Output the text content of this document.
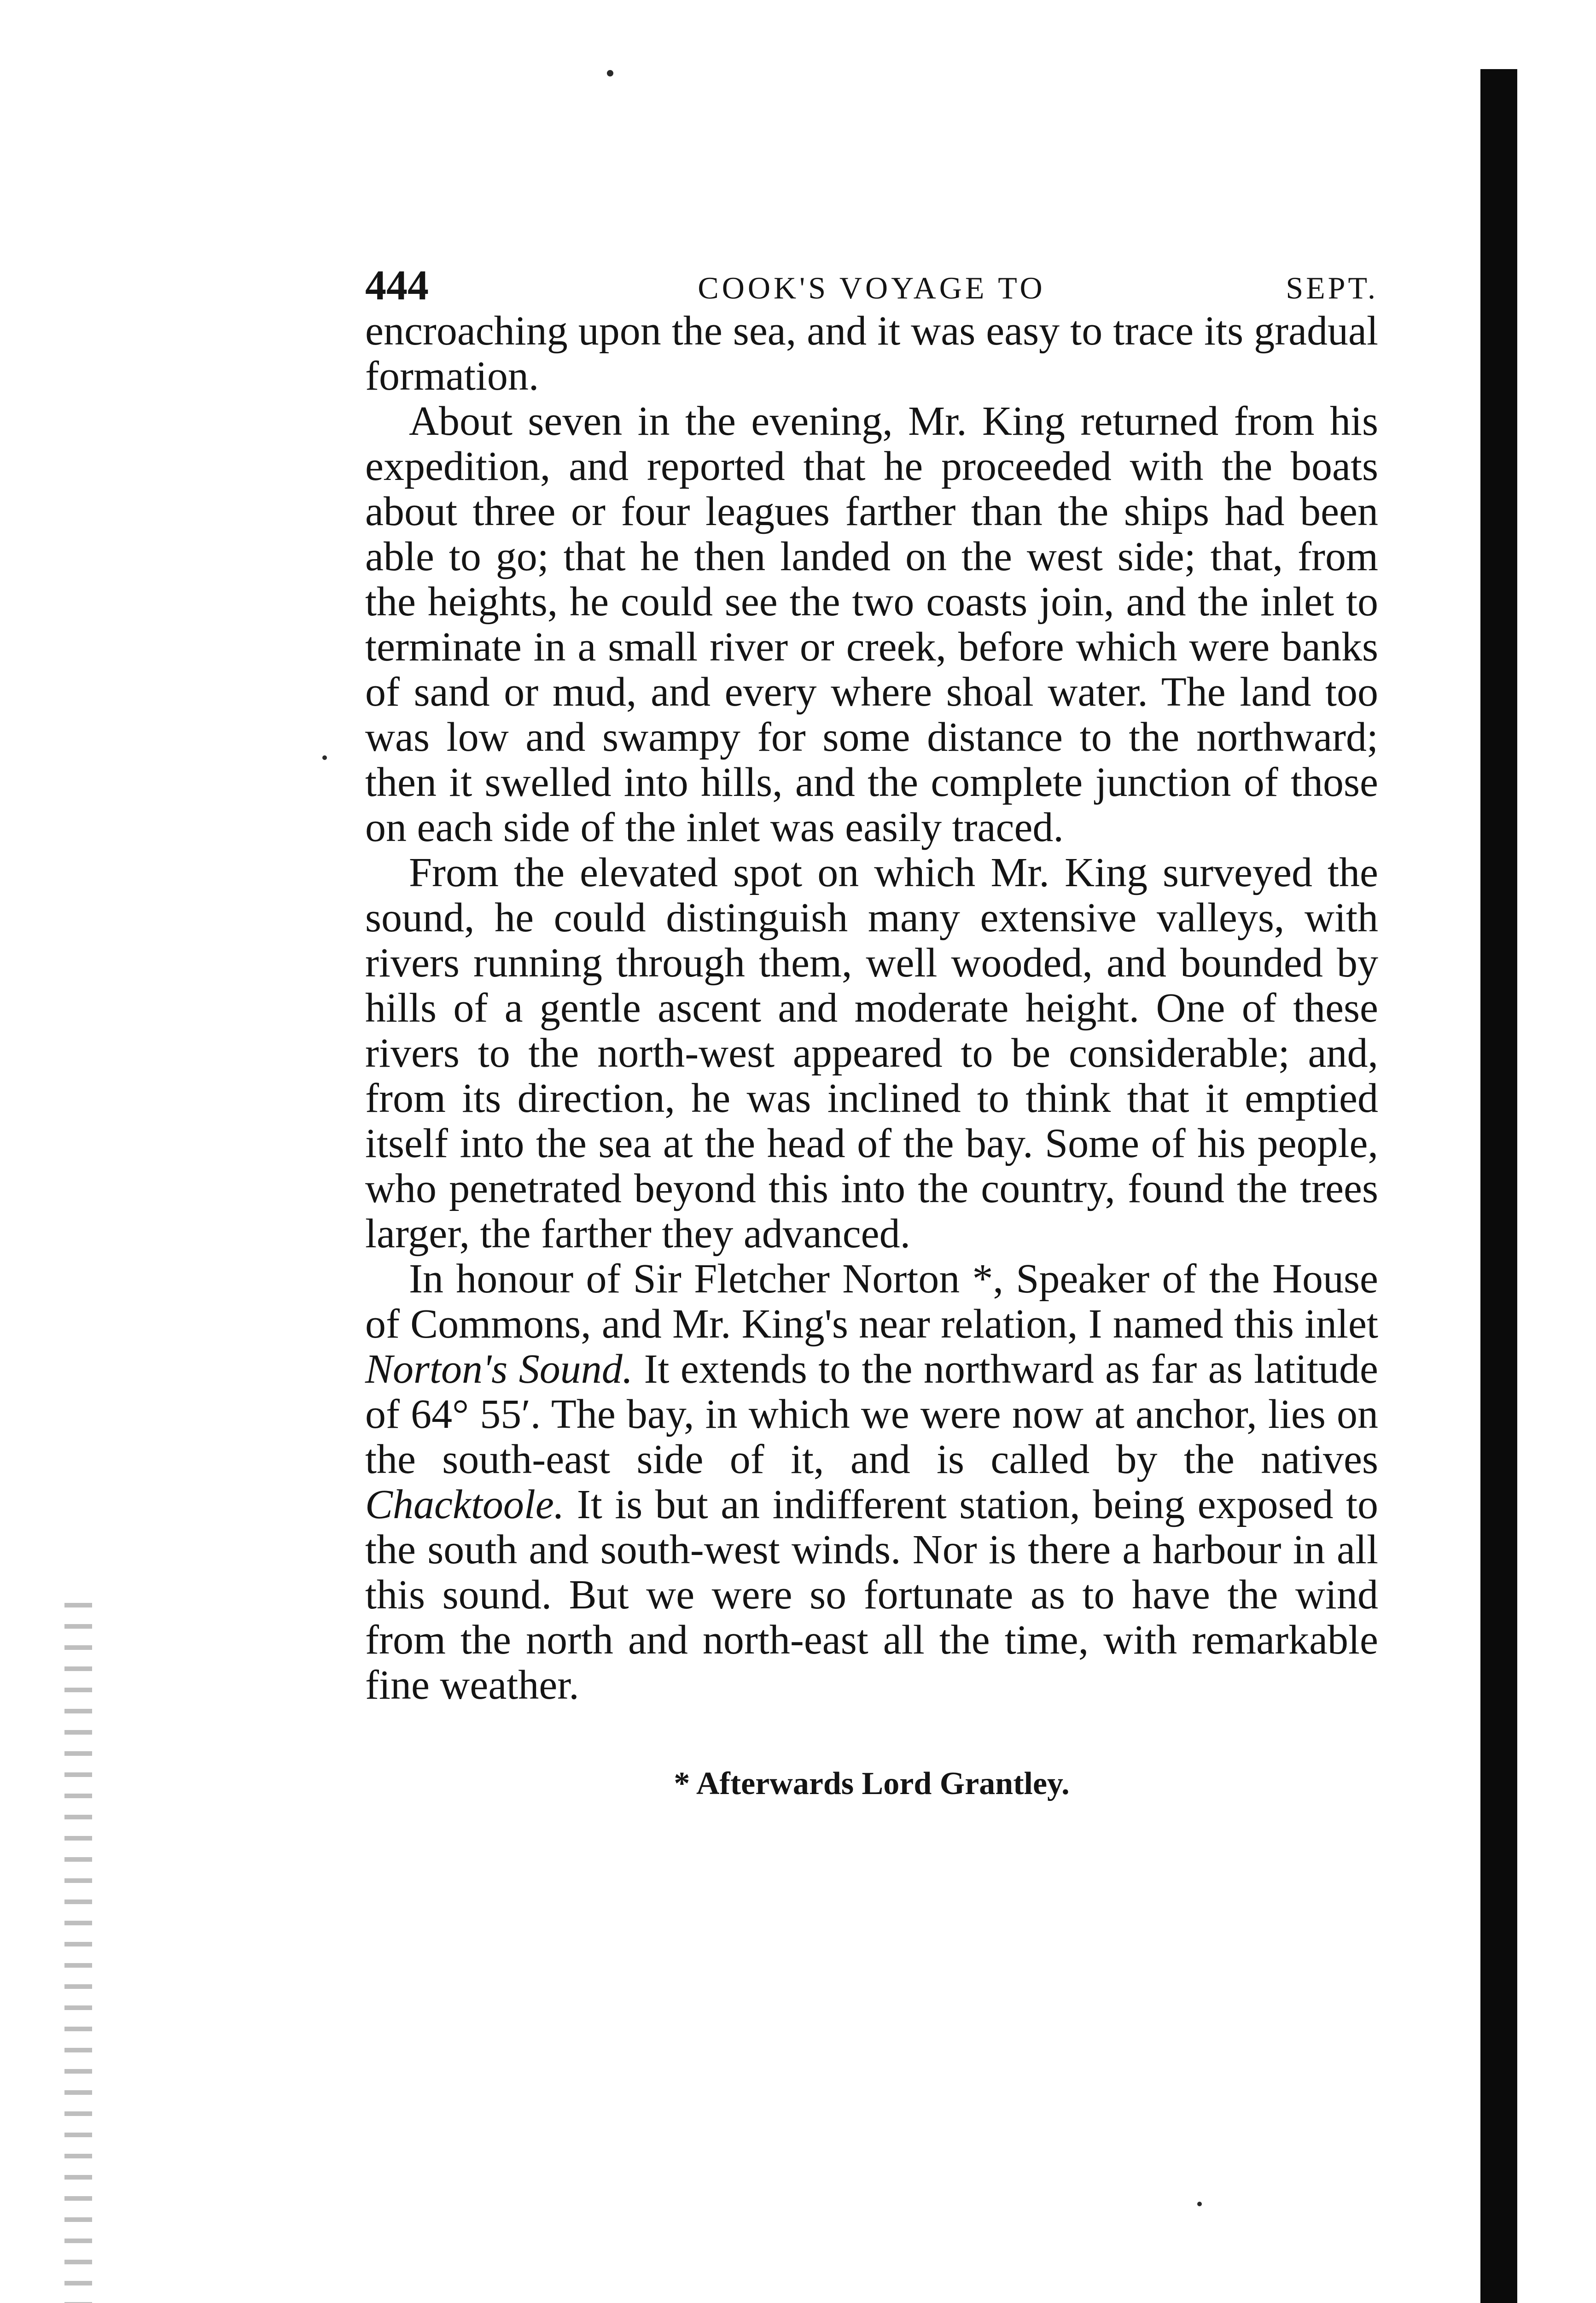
444	COOK'S VOYAGE TO	SEPT.

encroaching upon the sea, and it was easy to trace its gradual formation.

About seven in the evening, Mr. King returned from his expedition, and reported that he proceeded with the boats about three or four leagues farther than the ships had been able to go; that he then landed on the west side; that, from the heights, he could see the two coasts join, and the inlet to terminate in a small river or creek, before which were banks of sand or mud, and every where shoal water. The land too was low and swampy for some distance to the northward; then it swelled into hills, and the complete junction of those on each side of the inlet was easily traced.

From the elevated spot on which Mr. King surveyed the sound, he could distinguish many extensive valleys, with rivers running through them, well wooded, and bounded by hills of a gentle ascent and moderate height. One of these rivers to the north-west appeared to be considerable; and, from its direction, he was inclined to think that it emptied itself into the sea at the head of the bay. Some of his people, who penetrated beyond this into the country, found the trees larger, the farther they advanced.

In honour of Sir Fletcher Norton *, Speaker of the House of Commons, and Mr. King's near relation, I named this inlet Norton's Sound. It extends to the northward as far as latitude of 64° 55′. The bay, in which we were now at anchor, lies on the south-east side of it, and is called by the natives Chacktoole. It is but an indifferent station, being exposed to the south and south-west winds. Nor is there a harbour in all this sound. But we were so fortunate as to have the wind from the north and north-east all the time, with remarkable fine weather.

* Afterwards Lord Grantley.
